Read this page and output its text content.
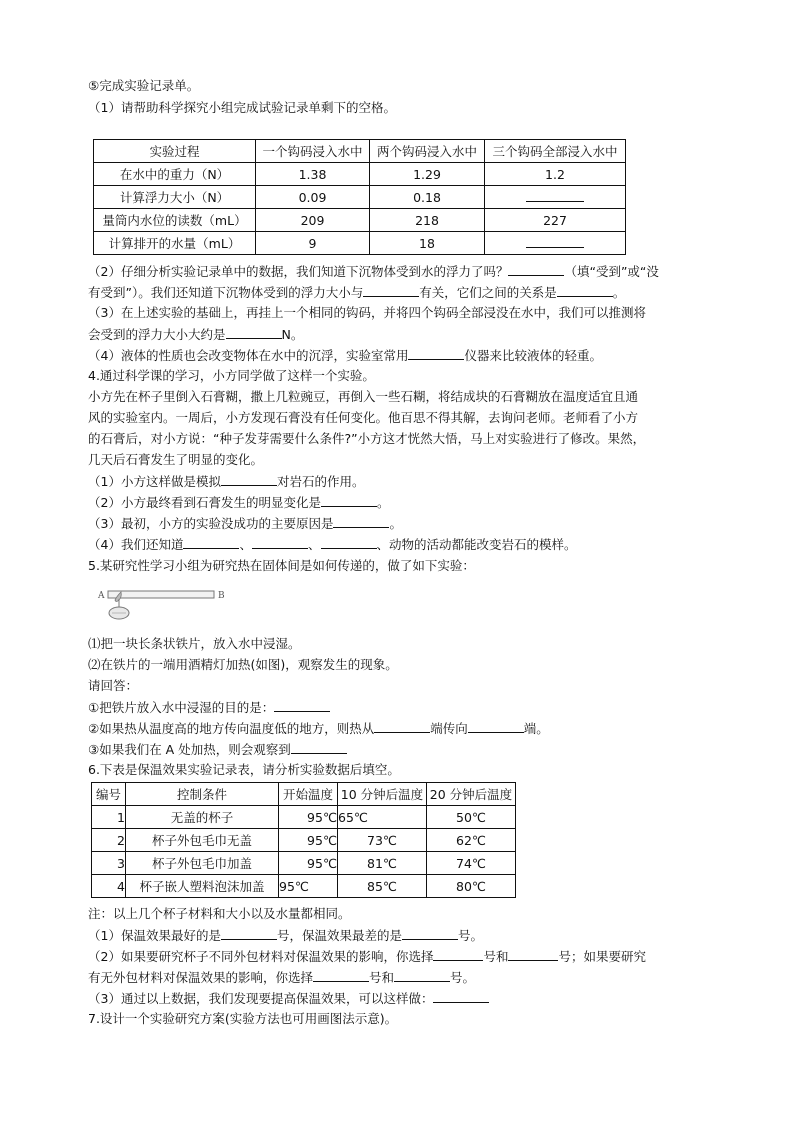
⑤完成实验记录单。
（1）请帮助科学探究小组完成试验记录单剩下的空格。
实验过程	一个钩码浸入水中	两个钩码浸入水中	三个钩码全部浸入水中
在水中的重力（N）	1.38	1.29	1.2
计算浮力大小（N）	0.09	0.18	
量筒内水位的读数（mL）	209	218	227
计算排开的水量（mL）	9	18	
（2）仔细分析实验记录单中的数据，我们知道下沉物体受到水的浮力了吗？	（填“受到”或“没
有受到”）。我们还知道下沉物体受到的浮力大小与	有关，它们之间的关系是	。
（3）在上述实验的基础上，再挂上一个相同的钩码，并将四个钩码全部浸没在水中，我们可以推测将
会受到的浮力大小大约是	N。
（4）液体的性质也会改变物体在水中的沉浮，实验室常用	仪器来比较液体的轻重。
4.通过科学课的学习，小方同学做了这样一个实验。
小方先在杯子里倒入石膏糊，撒上几粒豌豆，再倒入一些石糊，将结成块的石膏糊放在温度适宜且通
风的实验室内。一周后，小方发现石膏没有任何变化。他百思不得其解，去询问老师。老师看了小方
的石膏后，对小方说：“种子发芽需要什么条件?”小方这才恍然大悟，马上对实验进行了修改。果然，
几天后石膏发生了明显的变化。
（1）小方这样做是模拟	对岩石的作用。
（2）小方最终看到石膏发生的明显变化是	。
（3）最初，小方的实验没成功的主要原因是	。
（4）我们还知道	、	、	、动物的活动都能改变岩石的模样。
5.某研究性学习小组为研究热在固体间是如何传递的，做了如下实验：
A	B
⑴把一块长条状铁片，放入水中浸湿。
⑵在铁片的一端用酒精灯加热(如图)，观察发生的现象。
请回答：
①把铁片放入水中浸湿的目的是：
②如果热从温度高的地方传向温度低的地方，则热从	端传向	端。
③如果我们在 A 处加热，则会观察到
6.下表是保温效果实验记录表，请分析实验数据后填空。
编号	控制条件	开始温度	10 分钟后温度	20 分钟后温度
1	无盖的杯子	95℃	65℃	50℃
2	杯子外包毛巾无盖	95℃	73℃	62℃
3	杯子外包毛巾加盖	95℃	81℃	74℃
4	杯子嵌人塑料泡沫加盖	95℃	85℃	80℃
注：以上几个杯子材料和大小以及水量都相同。
（1）保温效果最好的是	号，保温效果最差的是	号。
（2）如果要研究杯子不同外包材料对保温效果的影响，你选择	号和	号；如果要研究
有无外包材料对保温效果的影响，你选择	号和	号。
（3）通过以上数据，我们发现要提高保温效果，可以这样做：
7.设计一个实验研究方案(实验方法也可用画图法示意)。
